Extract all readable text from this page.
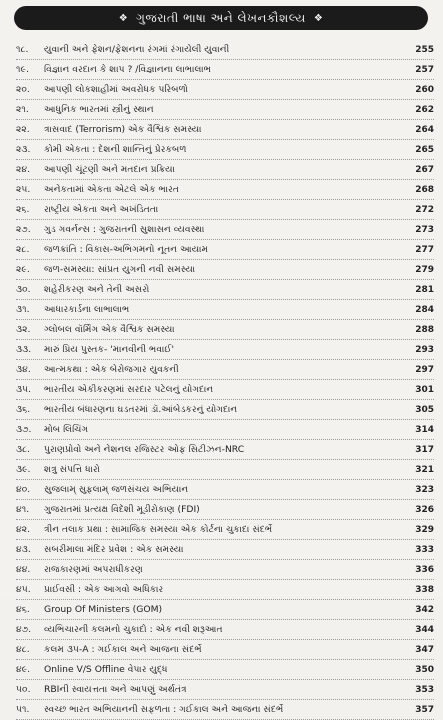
❖ ગુજરાતી ભાષા અને લેખનકૌશલ્ય ❖
૧૮.	યુવાની અને ફેશન/ફેશનના રંગમાં રંગાયેલી યુવાની	255
૧૯.	વિજ્ઞાન વરદાન કે શાપ ? /વિજ્ઞાનના લાભાલાભ	257
૨૦.	આપણી લોકશાહીમાં અવરોધક પરિબળો	260
૨૧.	આધુનિક ભારતમાં સ્ત્રીનું સ્થાન	262
૨૨.	ત્રાસવાદ (Terrorism) એક વૈશ્વિક સમસ્યા	264
૨૩.	કોમી એકતા : દેશની શાન્તિનું પ્રેરકબળ	265
૨૪.	આપણી ચૂંટણી અને મતદાન પ્રક્રિયા	267
૨૫.	અનેકતામાં એકતા એટલે એક ભારત	268
૨૬.	રાષ્ટ્રીય એકતા અને અખંડિતતા	272
૨૭.	ગુડ ગવર્નન્સ : ગુજરાતની સુશાસન વ્યવસ્થા	273
૨૮.	જળક્રાંતિ : વિકાસ-અભિગમનો નૂતન આયામ	277
૨૯.	જળ-સમસ્યા: સાંપ્રત યુગની નવી સમસ્યા	279
૩૦.	શહેરીકરણ અને તેની અસરો	281
૩૧.	આધારકાર્ડના લાભાલાભ	284
૩૨.	ગ્લોબલ વૉર્મિંગ એક વૈશ્વિક સમસ્યા	288
૩૩.	મારું પ્રિય પુસ્તક- 'માનવીની ભવાઈ'	293
૩૪.	આત્મકથા : એક બેરોજગાર યુવકની	297
૩૫.	ભારતીય એકીકરણમાં સરદાર પટેલનું યોગદાન	301
૩૬.	ભારતીય બંધારણના ઘડતરમાં ડૉ.આંબેડકરનું યોગદાન	305
૩૭.	મોબ લિંચિંગ	314
૩૮.	પુરાણપ્રોવો અને નેશનલ રજિસ્ટર ઓફ સિટીઝન-NRC	317
૩૯.	શત્રુ સંપત્તિ ધારો	321
૪૦.	સુજલામ્ સુફલામ્ જળસંચય અભિયાન	323
૪૧.	ગુજરાતમાં પ્રત્યક્ષ વિદેશી મૂડીરોકાણ (FDI)	326
૪૨.	ત્રીન તલાક પ્રથા : સામાજિક સમસ્યા એક કોર્ટના ચુકાદા સંદર્ભે	329
૪૩.	સબરીમાલા મંદિર પ્રવેશ : એક સમસ્યા	333
૪૪.	રાજકારણમાં અપરાધીકરણ	336
૪૫.	પ્રાઈવસી : એક આગવો અધિકાર	338
૪૬.	Group Of Ministers (GOM)	342
૪૭.	વ્યભિચારની કલમનો ચુકાદો : એક નવી શરૂઆત	344
૪૮.	કલમ ૩૫-A : ગઈકાલ અને આજના સંદર્ભે	347
૪૯.	Online V/S Offline વેપાર યુદ્ધ	350
૫૦.	RBIની સ્વાયત્તતા અને આપણું અર્થતંત્ર	353
૫૧.	સ્વચ્છ ભારત અભિયાનની સફળતા : ગઈકાલ અને આજના સંદર્ભે	357
